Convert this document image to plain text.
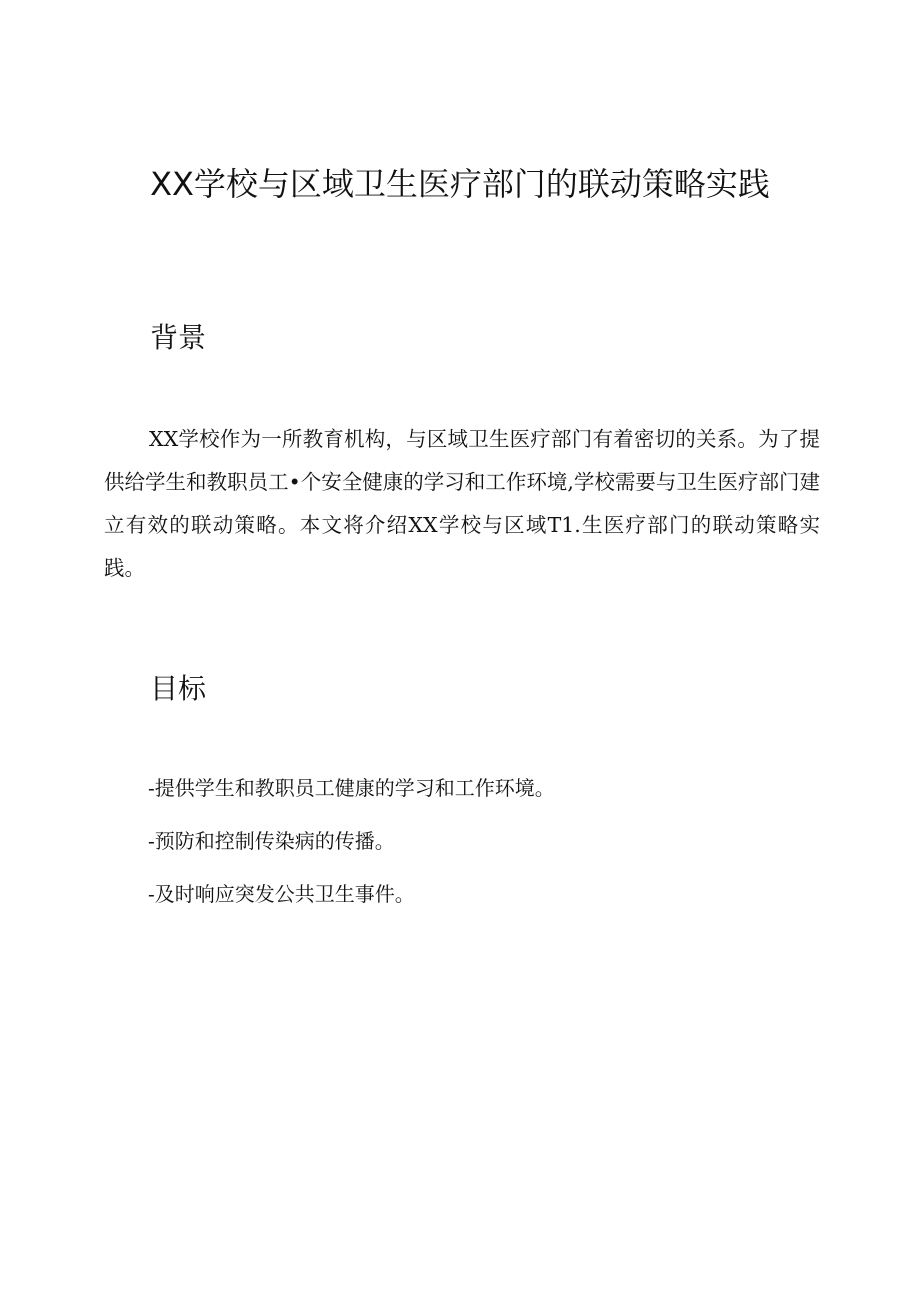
XX学校与区域卫生医疗部门的联动策略实践
背景

XX学校作为一所教育机构，与区域卫生医疗部门有着密切的关系。为了提供给学生和教职员工•个安全健康的学习和工作环境,学校需要与卫生医疗部门建立有效的联动策略。本文将介绍XX学校与区域T1.生医疗部门的联动策略实践。

目标
-提供学生和教职员工健康的学习和工作环境。
-预防和控制传染病的传播。
-及时响应突发公共卫生事件。
